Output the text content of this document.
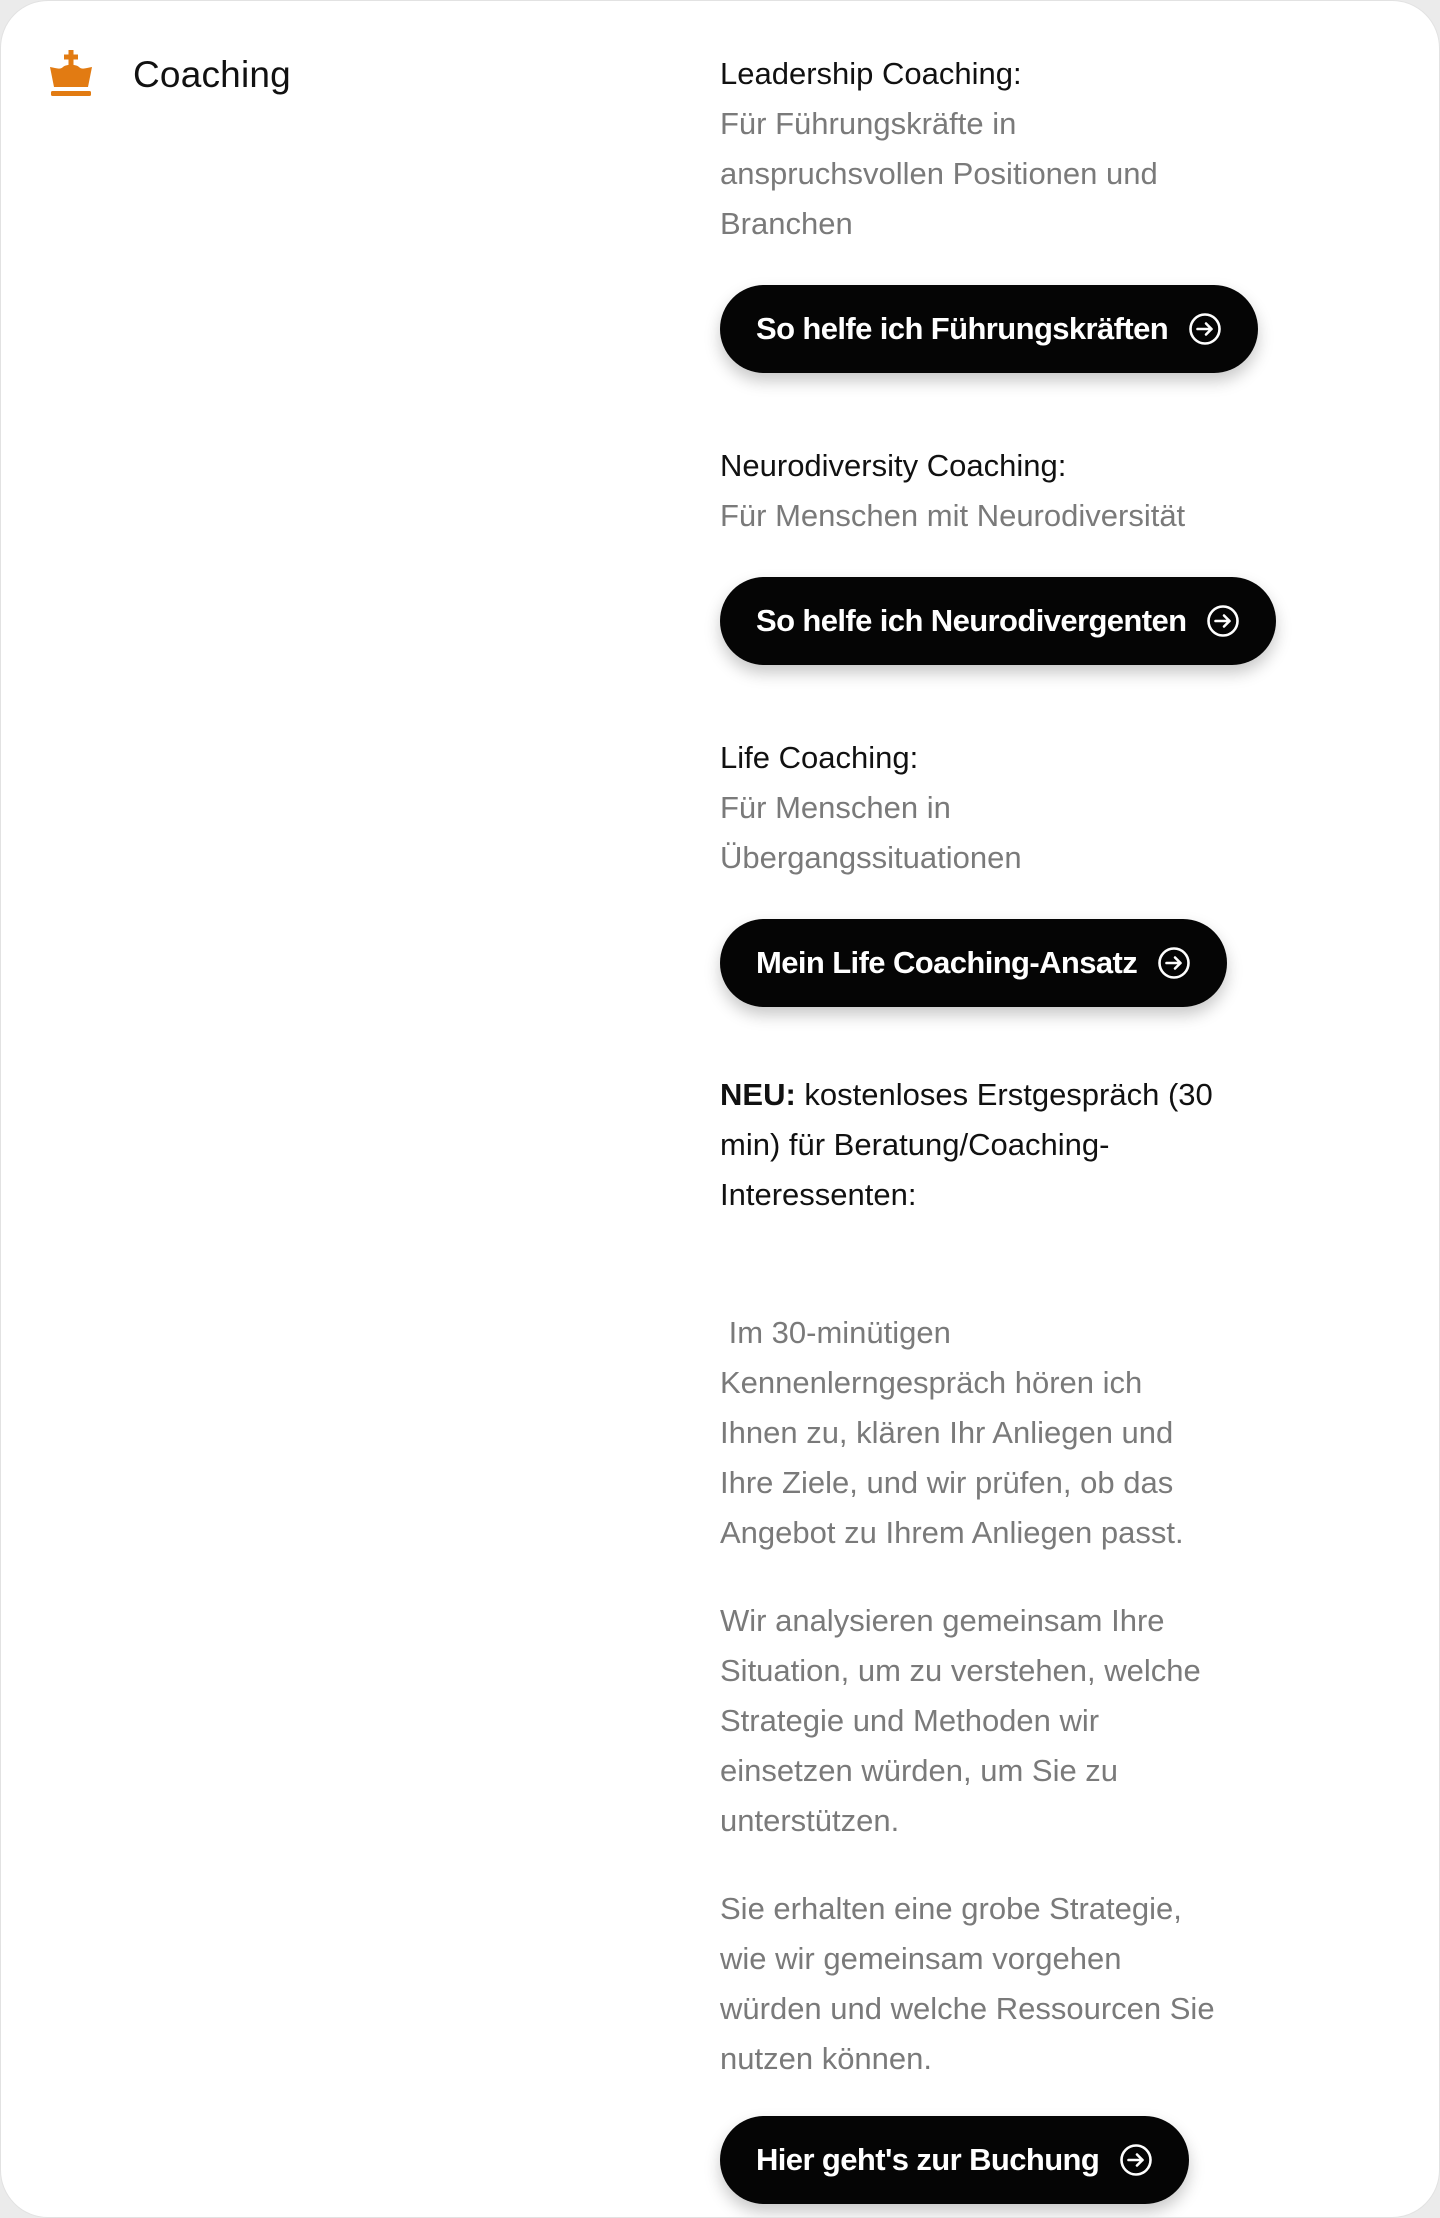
Coaching	Leadership Coaching:
Für Führungskräfte in
anspruchsvollen Positionen und
Branchen
So helfe ich Führungskräften
Neurodiversity Coaching:
Für Menschen mit Neurodiversität
So helfe ich Neurodivergenten
Life Coaching:
Für Menschen in
Übergangssituationen
Mein Life Coaching-Ansatz
NEU: kostenloses Erstgespräch (30
min) für Beratung/Coaching-
Interessenten:

Im 30-minütigen
Kennenlerngespräch hören ich
Ihnen zu, klären Ihr Anliegen und
Ihre Ziele, und wir prüfen, ob das
Angebot zu Ihrem Anliegen passt.

Wir analysieren gemeinsam Ihre
Situation, um zu verstehen, welche
Strategie und Methoden wir
einsetzen würden, um Sie zu
unterstützen.

Sie erhalten eine grobe Strategie,
wie wir gemeinsam vorgehen
würden und welche Ressourcen Sie
nutzen können.

Hier geht's zur Buchung
